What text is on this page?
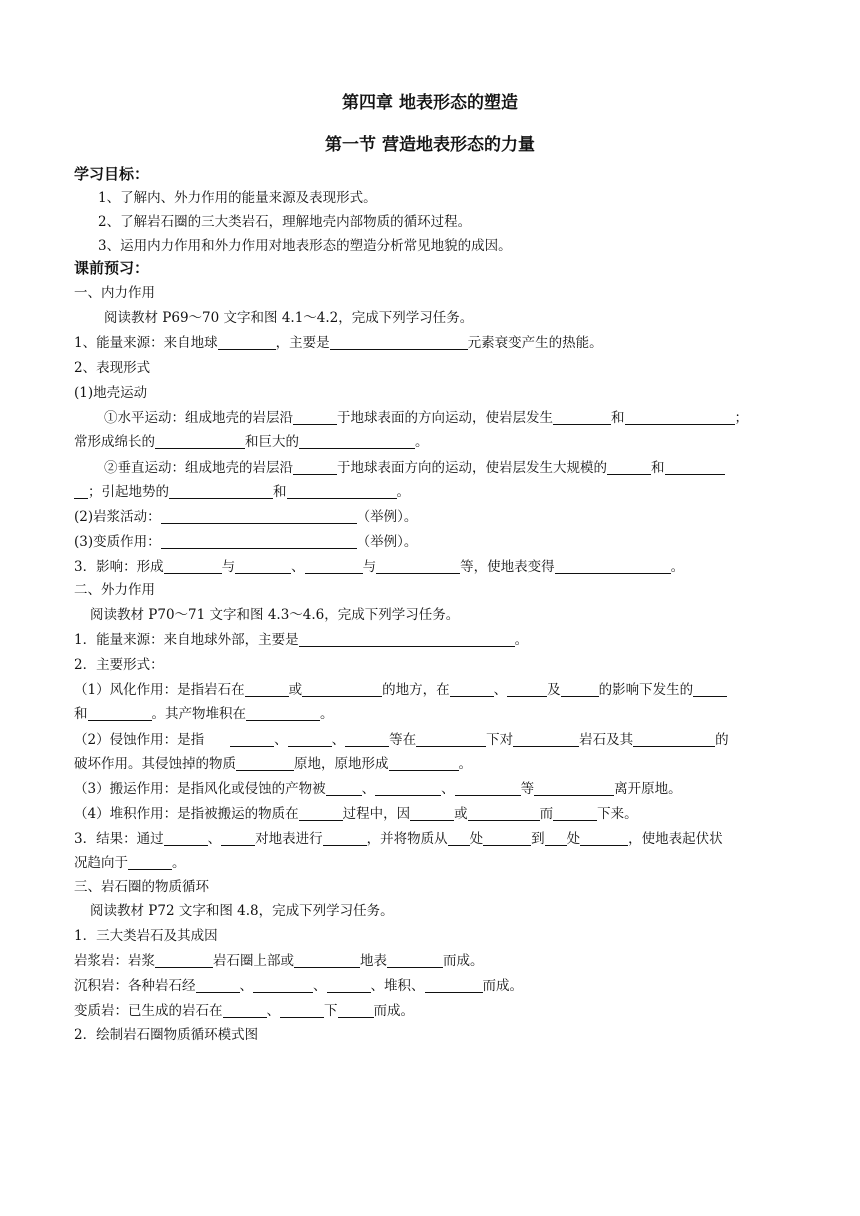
第四章 地表形态的塑造
第一节 营造地表形态的力量
学习目标：
1、了解内、外力作用的能量来源及表现形式。
2、了解岩石圈的三大类岩石，理解地壳内部物质的循环过程。
3、运用内力作用和外力作用对地表形态的塑造分析常见地貌的成因。
课前预习：
一、内力作用
阅读教材 P69～70 文字和图 4.1～4.2，完成下列学习任务。
1、能量来源：来自地球	，主要是	元素衰变产生的热能。
2、表现形式
(1)地壳运动
①水平运动：组成地壳的岩层沿	于地球表面的方向运动，使岩层发生	和	；
常形成绵长的	和巨大的	。
②垂直运动：组成地壳的岩层沿	于地球表面方向的运动，使岩层发生大规模的	和
；引起地势的	和	。
(2)岩浆活动：	（举例）。
(3)变质作用：	（举例）。
3．影响：形成	与	、	与	等，使地表变得	。
二、外力作用
阅读教材 P70～71 文字和图 4.3～4.6，完成下列学习任务。
1．能量来源：来自地球外部，主要是	。
2．主要形式：
（1）风化作用：是指岩石在	或	的地方，在	、	及	的影响下发生的
和	。其产物堆积在	。
（2）侵蚀作用：是指	、	、	等在	下对	岩石及其	的
破坏作用。其侵蚀掉的物质	原地，原地形成	。
（3）搬运作用：是指风化或侵蚀的产物被	、	、	等	离开原地。
（4）堆积作用：是指被搬运的物质在	过程中，因	或	而	下来。
3．结果：通过	、	对地表进行	，并将物质从 处	到 处	，使地表起伏状
况趋向于	。
三、岩石圈的物质循环
阅读教材 P72 文字和图 4.8，完成下列学习任务。
1．三大类岩石及其成因
岩浆岩：岩浆	岩石圈上部或	地表	而成。
沉积岩：各种岩石经	、	、	、堆积、	而成。
变质岩：已生成的岩石在	、	下	而成。
2．绘制岩石圈物质循环模式图
